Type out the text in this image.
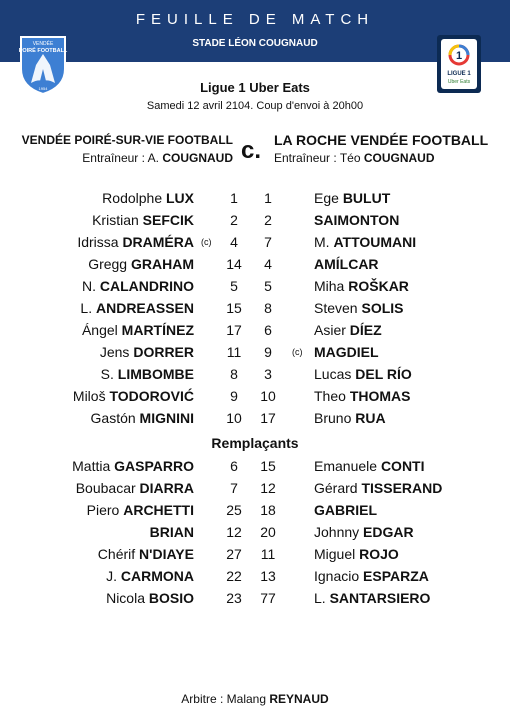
FEUILLE DE MATCH
STADE LÉON COUGNAUD
VENDÉE
POIRÉ FOOTBALL
1954
1
LIGUE 1
Uber Eats
Ligue 1 Uber Eats
Samedi 12 avril 2104. Coup d'envoi à 20h00
VENDÉE POIRÉ-SUR-VIE FOOTBALL	LA ROCHE VENDÉE FOOTBALL
c.
Entraîneur : A. COUGNAUD	Entraîneur : Téo COUGNAUD
Rodolphe LUX	1	1	Ege BULUT
Kristian SEFCIK	2	2	SAIMONTON
Idrissa DRAMÉRA (c)	4	7	M. ATTOUMANI
Gregg GRAHAM	14	4	AMÍLCAR
N. CALANDRINO	5	5	Miha ROŠKAR
L. ANDREASSEN	15	8	Steven SOLIS
Ángel MARTÍNEZ	17	6	Asier DÍEZ
Jens DORRER	11	9	(c) MAGDIEL
S. LIMBOMBE	8	3	Lucas DEL RÍO
Miloš TODOROVIĆ	9	10	Theo THOMAS
Gastón MIGNINI	10	17	Bruno RUA
Remplaçants
Mattia GASPARRO	6	15	Emanuele CONTI
Boubacar DIARRA	7	12	Gérard TISSERAND
Piero ARCHETTI	25	18	GABRIEL
BRIAN	12	20	Johnny EDGAR
Chérif N'DIAYE	27	11	Miguel ROJO
J. CARMONA	22	13	Ignacio ESPARZA
Nicola BOSIO	23	77	L. SANTARSIERO
Arbitre : Malang REYNAUD
